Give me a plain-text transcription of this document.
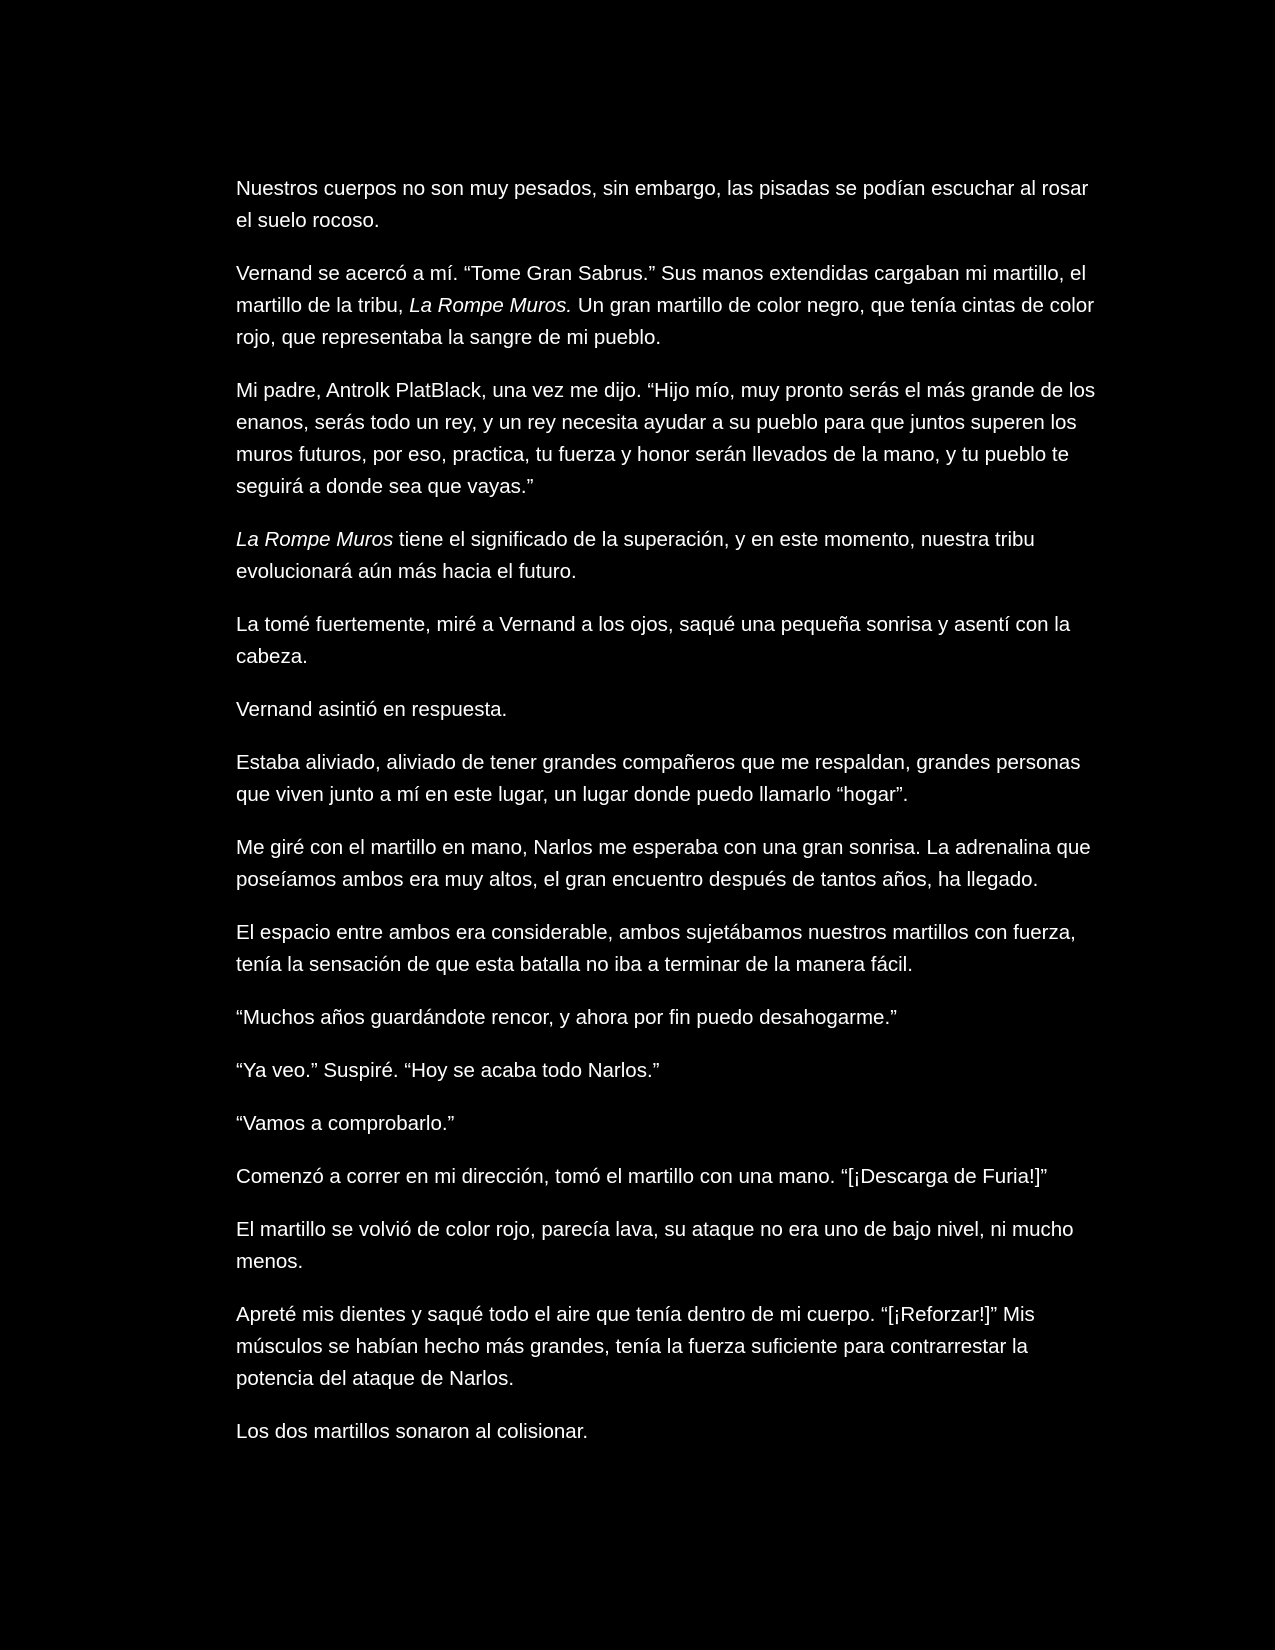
Nuestros cuerpos no son muy pesados, sin embargo, las pisadas se podían escuchar al rosar el suelo rocoso.

Vernand se acercó a mí. “Tome Gran Sabrus.” Sus manos extendidas cargaban mi martillo, el martillo de la tribu, La Rompe Muros. Un gran martillo de color negro, que tenía cintas de color rojo, que representaba la sangre de mi pueblo.

Mi padre, Antrolk PlatBlack, una vez me dijo. “Hijo mío, muy pronto serás el más grande de los enanos, serás todo un rey, y un rey necesita ayudar a su pueblo para que juntos superen los muros futuros, por eso, practica, tu fuerza y honor serán llevados de la mano, y tu pueblo te seguirá a donde sea que vayas.”

La Rompe Muros tiene el significado de la superación, y en este momento, nuestra tribu evolucionará aún más hacia el futuro.

La tomé fuertemente, miré a Vernand a los ojos, saqué una pequeña sonrisa y asentí con la cabeza.

Vernand asintió en respuesta.

Estaba aliviado, aliviado de tener grandes compañeros que me respaldan, grandes personas que viven junto a mí en este lugar, un lugar donde puedo llamarlo “hogar”.

Me giré con el martillo en mano, Narlos me esperaba con una gran sonrisa. La adrenalina que poseíamos ambos era muy altos, el gran encuentro después de tantos años, ha llegado.

El espacio entre ambos era considerable, ambos sujetábamos nuestros martillos con fuerza, tenía la sensación de que esta batalla no iba a terminar de la manera fácil.

“Muchos años guardándote rencor, y ahora por fin puedo desahogarme.”

“Ya veo.” Suspiré. “Hoy se acaba todo Narlos.”

“Vamos a comprobarlo.”

Comenzó a correr en mi dirección, tomó el martillo con una mano. “[¡Descarga de Furia!]”

El martillo se volvió de color rojo, parecía lava, su ataque no era uno de bajo nivel, ni mucho menos.

Apreté mis dientes y saqué todo el aire que tenía dentro de mi cuerpo. “[¡Reforzar!]” Mis músculos se habían hecho más grandes, tenía la fuerza suficiente para contrarrestar la potencia del ataque de Narlos.

Los dos martillos sonaron al colisionar.
